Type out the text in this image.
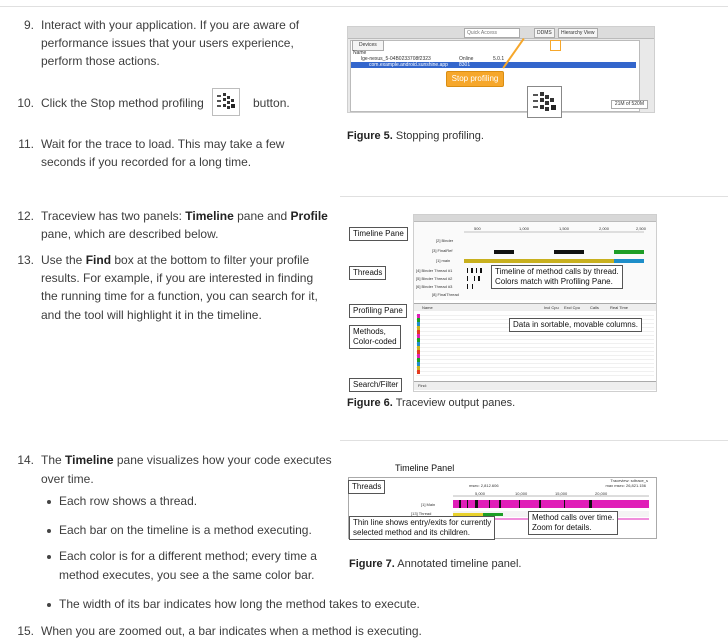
9. Interact with your application. If you are aware of
performance issues that your users experience,
perform those actions.
10. Click the Stop method profiling	button.
11. Wait for the trace to load. This may take a few
seconds if you recorded for a long time.
Quick Access	DDMS	Hierarchy View
Devices
Name
lge-nexus_5-04B0233708f2323	Online	5.0.1
com.example.android.sunshine.app 8301
21M of 520M
Stop profiling
Figure 5. Stopping profiling.
12. Traceview has two panels: Timeline pane and Profile
pane, which are described below.
13. Use the Find box at the bottom to filter your profile
results. For example, if you are interested in finding
the running time for a function, you can search for it,
and the tool will highlight it in the timeline.
500	1,000	1,500	2,000	2,500
[2] Binder
[3] FinalRef
[1] main
[4] Binder Thread #1
[5] Binder Thread #2
[6] Binder Thread #3
[8] FinalThread
Name	Incl Cpu Excl Cpu Calls	Real Time
Find:
Timeline Pane
Threads
Profiling Pane
Methods,
Color-coded
Search/Filter
Timeline of method calls by thread.
Colors match with Profiling Pane.
Data in sortable, movable columns.
Figure 6. Traceview output panes.
14. The Timeline pane visualizes how your code executes
over time.
Each row shows a thread.
Each bar on the timeline is a method executing.
Each color is for a different method; every time a
method executes, you see a the same color bar.
The width of its bar indicates how long the method takes to execute.
15. When you are zoomed out, a bar indicates when a method is executing.
Timeline Panel
Traceview: sdtrace_s
msec: 2,812.606	max msec: 26,821.156
5,000	10,000	15,000	20,000
[1] Main
[13] Thread
Threads
Thin line shows entry/exits for currently
selected method and its children.
Method calls over time.
Zoom for details.
Figure 7. Annotated timeline panel.
